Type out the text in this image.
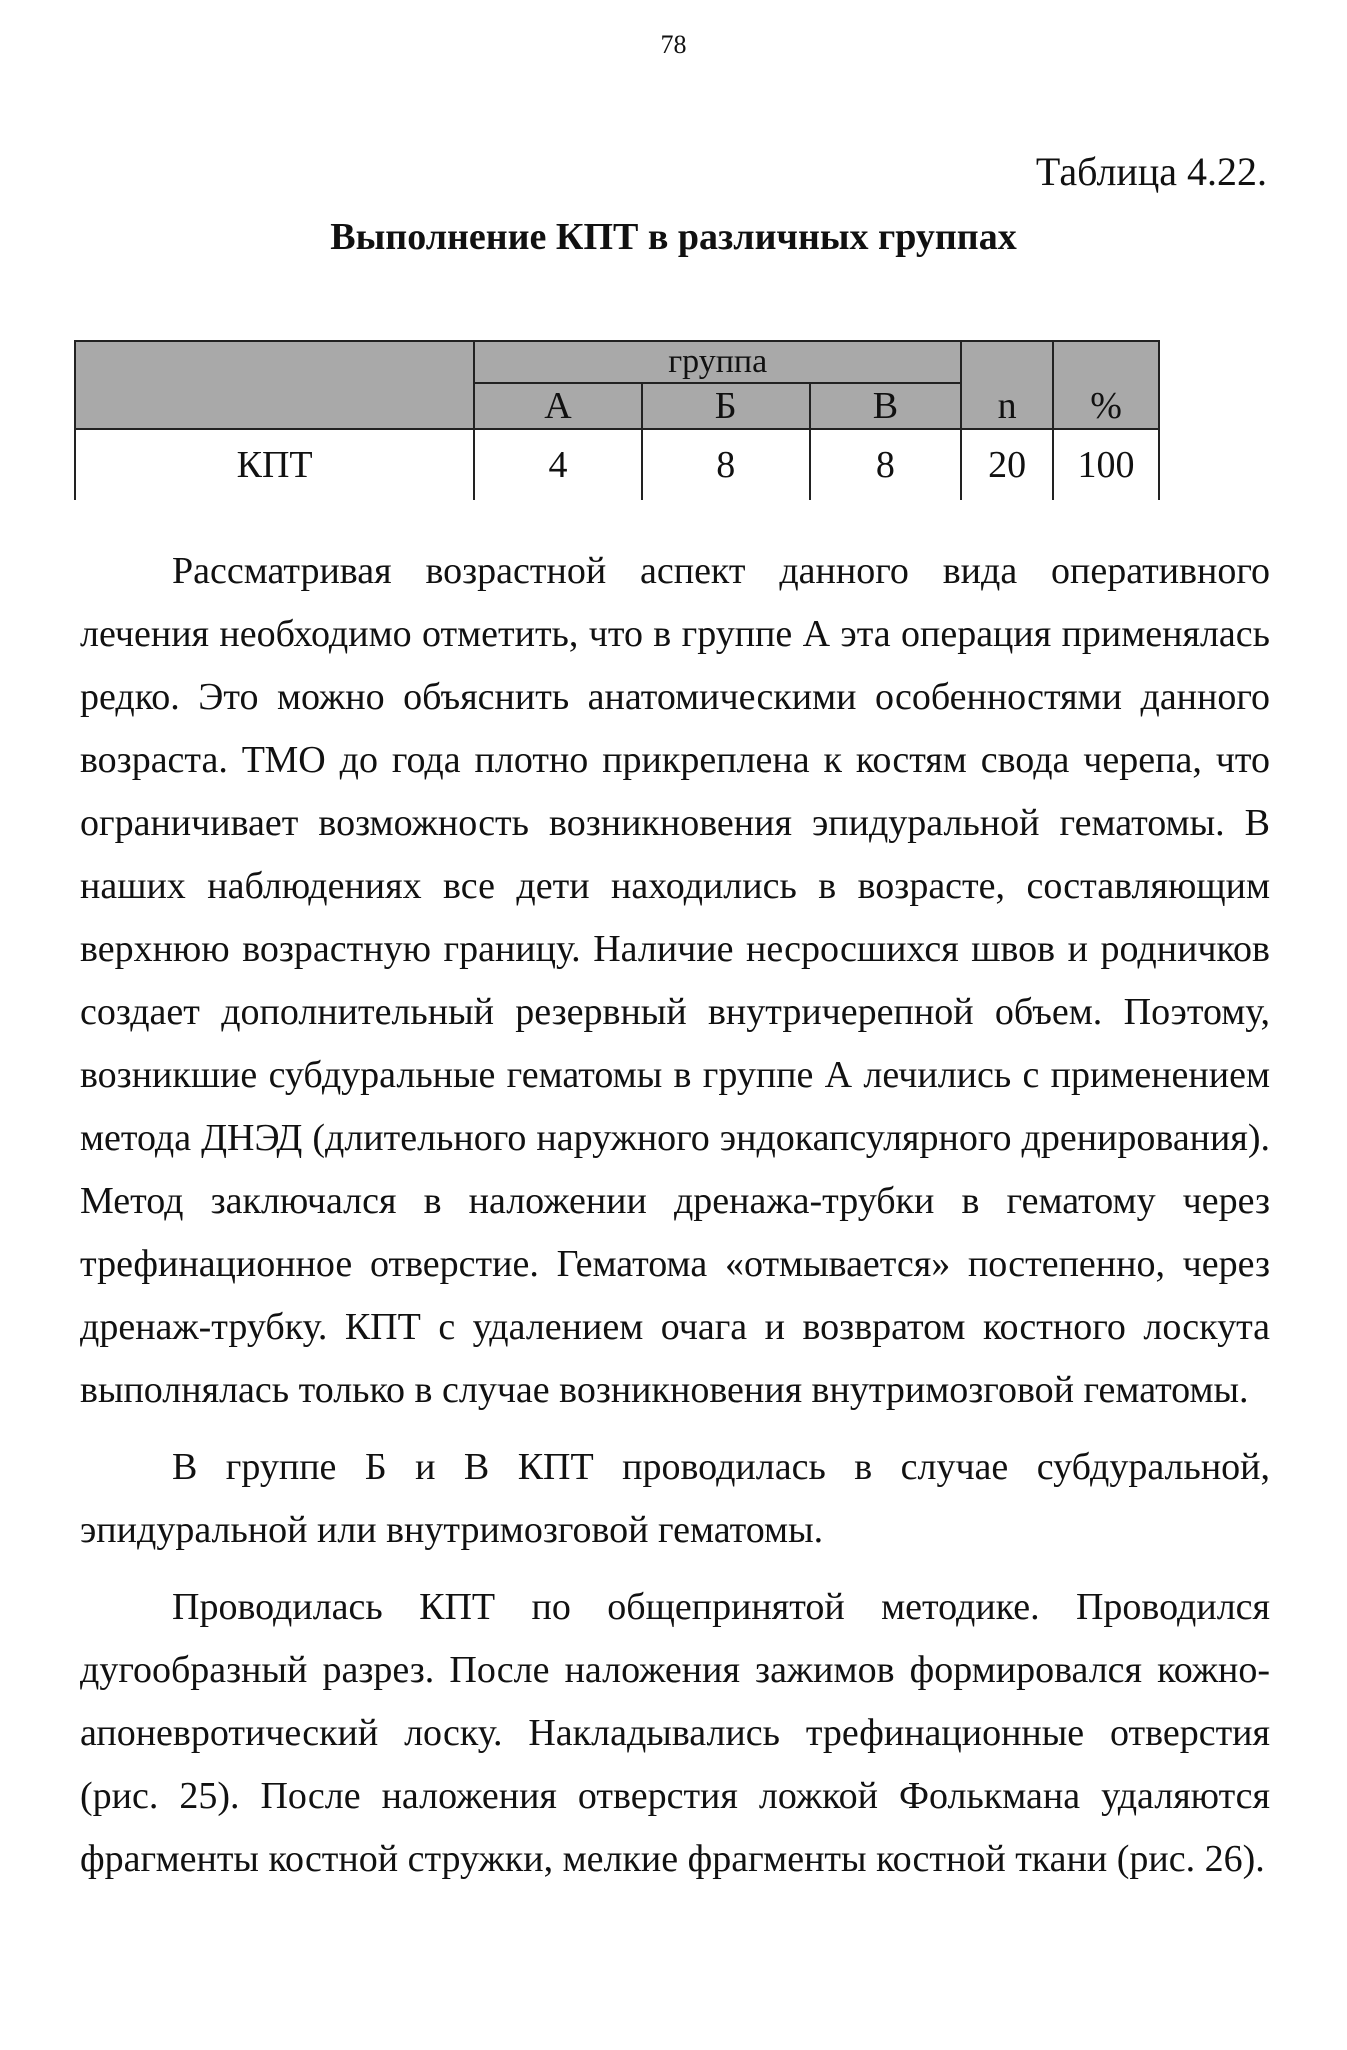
78
Таблица 4.22.
Выполнение КПТ в различных группах
	группа			n	%
	А	Б	В		
КПТ	4	8	8	20	100

Рассматривая возрастной аспект данного вида оперативного лечения необходимо отметить, что в группе А эта операция применялась редко. Это можно объяснить анатомическими особенностями данного возраста. ТМО до года плотно прикреплена к костям свода черепа, что ограничивает возможность возникновения эпидуральной гематомы. В наших наблюдениях все дети находились в возрасте, составляющим верхнюю возрастную границу. Наличие несросшихся швов и родничков создает дополнительный резервный внутричерепной объем. Поэтому, возникшие субдуральные гематомы в группе А лечились с применением метода ДНЭД (длительного наружного эндокапсулярного дренирования). Метод заключался в наложении дренажа-трубки в гематому через трефинационное отверстие. Гематома «отмывается» постепенно, через дренаж-трубку. КПТ с удалением очага и возвратом костного лоскута выполнялась только в случае возникновения внутримозговой гематомы.

В группе Б и В КПТ проводилась в случае субдуральной, эпидуральной или внутримозговой гематомы.

Проводилась КПТ по общепринятой методике. Проводился дугообразный разрез. После наложения зажимов формировался кожно-апоневротический лоску. Накладывались трефинационные отверстия (рис. 25). После наложения отверстия ложкой Фолькмана удаляются фрагменты костной стружки, мелкие фрагменты костной ткани (рис. 26).
